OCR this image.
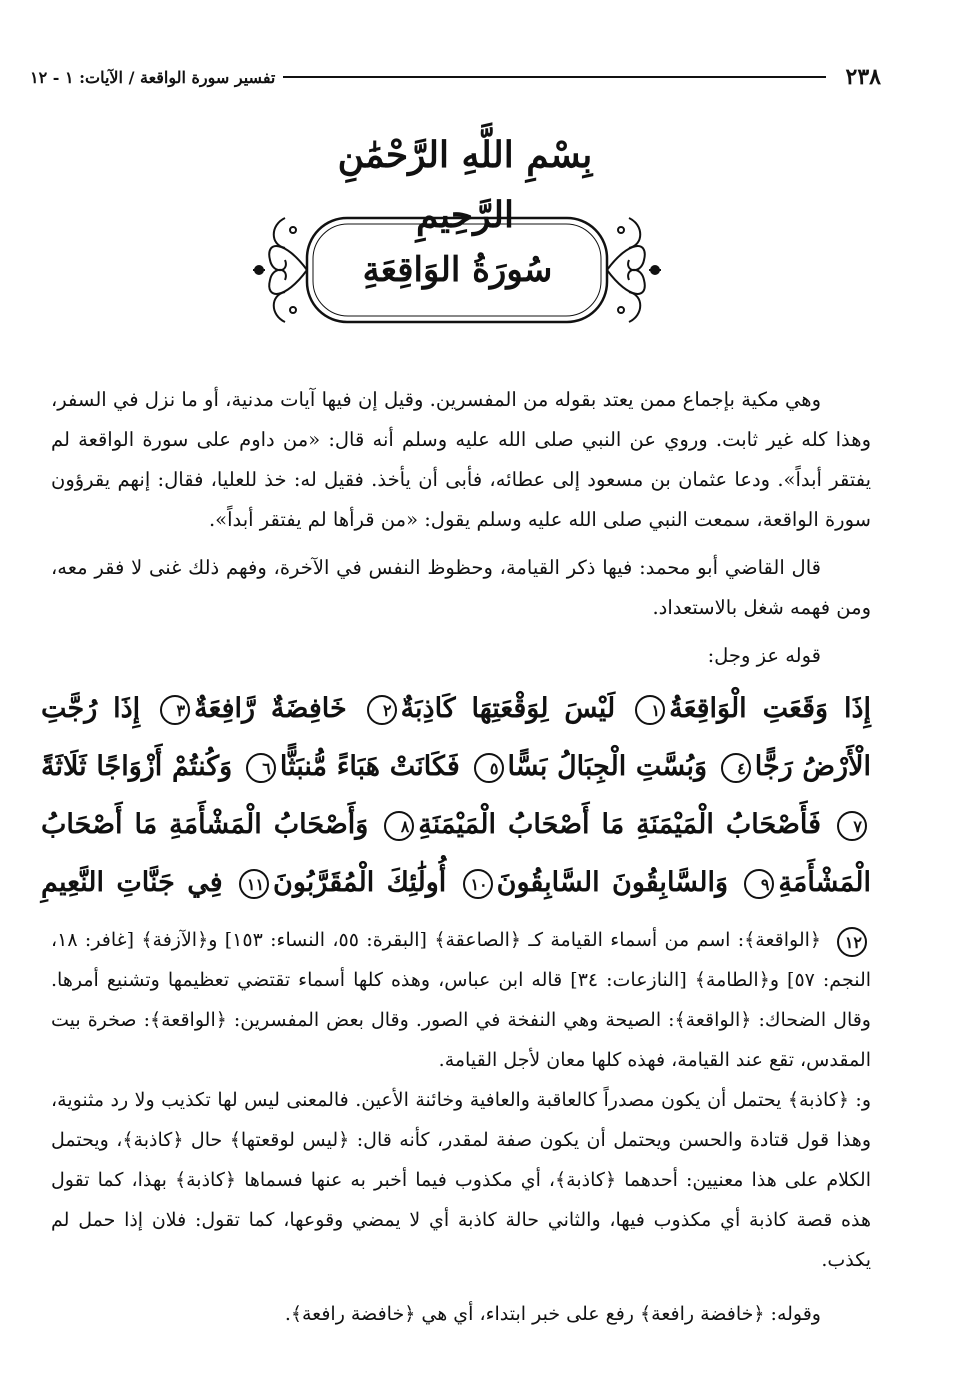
٢٣٨
تفسير سورة الواقعة / الآيات: ١ - ١٢
بِسْمِ اللَّهِ الرَّحْمَٰنِ الرَّحِيمِ
سُورَةُ الوَاقِعَةِ

وهي مكية بإجماع ممن يعتد بقوله من المفسرين. وقيل إن فيها آيات مدنية، أو ما نزل في السفر، وهذا كله غير ثابت. وروي عن النبي صلى الله عليه وسلم أنه قال: «من داوم على سورة الواقعة لم يفتقر أبداً». ودعا عثمان بن مسعود إلى عطائه، فأبى أن يأخذ. فقيل له: خذ للعليا، فقال: إنهم يقرؤون سورة الواقعة، سمعت النبي صلى الله عليه وسلم يقول: «من قرأها لم يفتقر أبداً».

قال القاضي أبو محمد: فيها ذكر القيامة، وحظوظ النفس في الآخرة، وفهم ذلك غنى لا فقر معه، ومن فهمه شغل بالاستعداد.

قوله عز وجل:

إِذَا وَقَعَتِ الْوَاقِعَةُ١ لَيْسَ لِوَقْعَتِهَا كَاذِبَةٌ٢ خَافِضَةٌ رَّافِعَةٌ٣ إِذَا رُجَّتِ الْأَرْضُ رَجًّا٤ وَبُسَّتِ الْجِبَالُ بَسًّا٥ فَكَانَتْ هَبَاءً مُّنبَثًّا٦ وَكُنتُمْ أَزْوَاجًا ثَلَاثَةً٧ فَأَصْحَابُ الْمَيْمَنَةِ مَا أَصْحَابُ الْمَيْمَنَةِ٨ وَأَصْحَابُ الْمَشْأَمَةِ مَا أَصْحَابُ الْمَشْأَمَةِ٩ وَالسَّابِقُونَ السَّابِقُونَ١٠ أُولَٰئِكَ الْمُقَرَّبُونَ١١ فِي جَنَّاتِ النَّعِيمِ١٢

﴿الواقعة﴾: اسم من أسماء القيامة كـ ﴿الصاعقة﴾ [البقرة: ٥٥، النساء: ١٥٣] و﴿الآزفة﴾ [غافر: ١٨، النجم: ٥٧] و﴿الطامة﴾ [النازعات: ٣٤] قاله ابن عباس، وهذه كلها أسماء تقتضي تعظيمها وتشنيع أمرها. وقال الضحاك: ﴿الواقعة﴾: الصيحة وهي النفخة في الصور. وقال بعض المفسرين: ﴿الواقعة﴾: صخرة بيت المقدس، تقع عند القيامة، فهذه كلها معان لأجل القيامة.

و: ﴿كاذبة﴾ يحتمل أن يكون مصدراً كالعاقبة والعافية وخائنة الأعين. فالمعنى ليس لها تكذيب ولا رد مثنوية، وهذا قول قتادة والحسن ويحتمل أن يكون صفة لمقدر، كأنه قال: ﴿ليس لوقعتها﴾ حال ﴿كاذبة﴾، ويحتمل الكلام على هذا معنيين: أحدهما ﴿كاذبة﴾، أي مكذوب فيما أخبر به عنها فسماها ﴿كاذبة﴾ بهذا، كما تقول هذه قصة كاذبة أي مكذوب فيها، والثاني حالة كاذبة أي لا يمضي وقوعها، كما تقول: فلان إذا حمل لم يكذب.

وقوله: ﴿خافضة رافعة﴾ رفع على خبر ابتداء، أي هي ﴿خافضة رافعة﴾.
